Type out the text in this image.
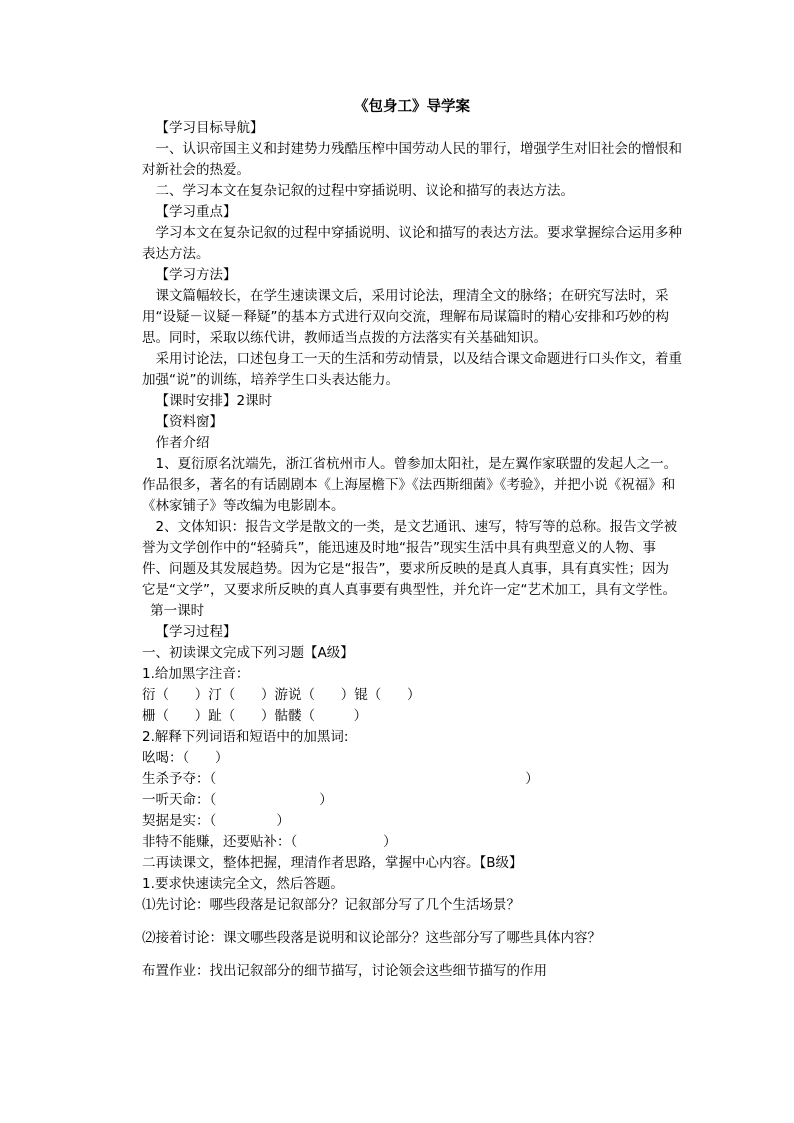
《包身工》导学案

【学习目标导航】

一、认识帝国主义和封建势力残酷压榨中国劳动人民的罪行，增强学生对旧社会的憎恨和对新社会的热爱。

二、学习本文在复杂记叙的过程中穿插说明、议论和描写的表达方法。

【学习重点】

学习本文在复杂记叙的过程中穿插说明、议论和描写的表达方法。要求掌握综合运用多种表达方法。

【学习方法】

课文篇幅较长，在学生速读课文后，采用讨论法，理清全文的脉络；在研究写法时，采用“设疑－议疑－释疑”的基本方式进行双向交流，理解布局谋篇时的精心安排和巧妙的构思。同时，采取以练代讲，教师适当点拨的方法落实有关基础知识。

采用讨论法，口述包身工一天的生活和劳动情景，以及结合课文命题进行口头作文，着重加强“说”的训练，培养学生口头表达能力。

【课时安排】2课时

【资料窗】

作者介绍

1、夏衍原名沈端先，浙江省杭州市人。曾参加太阳社，是左翼作家联盟的发起人之一。作品很多，著名的有话剧剧本《上海屋檐下》《法西斯细菌》《考验》，并把小说《祝福》和《林家铺子》等改编为电影剧本。

2、文体知识：报告文学是散文的一类，是文艺通讯、速写，特写等的总称。报告文学被誉为文学创作中的“轻骑兵”，能迅速及时地“报告”现实生活中具有典型意义的人物、事件、问题及其发展趋势。因为它是“报告”，要求所反映的是真人真事，具有真实性；因为它是“文学”，又要求所反映的真人真事要有典型性，并允许一定“艺术加工，具有文学性。

第一课时

【学习过程】

一、初读课文完成下列习题【A级】

1.给加黑字注音：

衍（      ）汀（      ）游说（      ）锟（      ）

栅（      ）趾（      ）骷髅（         ）

2.解释下列词语和短语中的加黑词:

吆喝：（      ）

生杀予夺：（                                                                        ）

一听天命：（                        ）

契据是实：（              ）

非特不能赚，还要贴补：（                    ）

二再读课文，整体把握，理清作者思路，掌握中心内容。【B级】

1.要求快速读完全文，然后答题。

⑴先讨论：哪些段落是记叙部分？记叙部分写了几个生活场景？

⑵接着讨论：课文哪些段落是说明和议论部分？这些部分写了哪些具体内容？

布置作业：找出记叙部分的细节描写，讨论领会这些细节描写的作用
